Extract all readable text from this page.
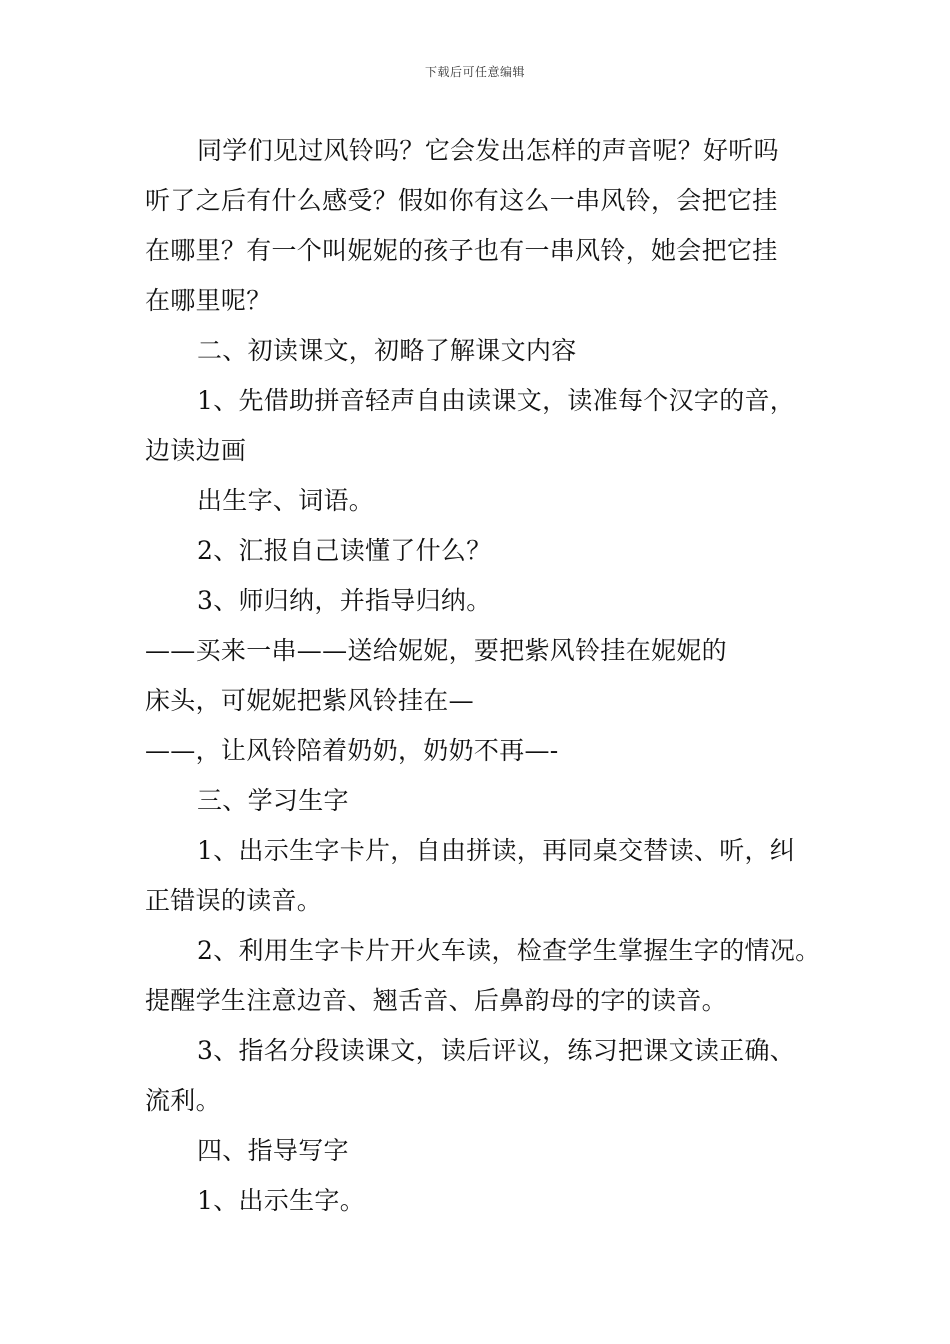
下载后可任意编辑
同学们见过风铃吗？它会发出怎样的声音呢？好听吗
听了之后有什么感受？假如你有这么一串风铃，会把它挂
在哪里？有一个叫妮妮的孩子也有一串风铃，她会把它挂
在哪里呢？
二、初读课文，初略了解课文内容
1、先借助拼音轻声自由读课文，读准每个汉字的音，
边读边画
出生字、词语。
2、汇报自己读懂了什么？
3、师归纳，并指导归纳。
——买来一串——送给妮妮，要把紫风铃挂在妮妮的
床头，可妮妮把紫风铃挂在—
——，让风铃陪着奶奶，奶奶不再—-
三、学习生字
1、出示生字卡片，自由拼读，再同桌交替读、听，纠
正错误的读音。
2、利用生字卡片开火车读，检查学生掌握生字的情况。
提醒学生注意边音、翘舌音、后鼻韵母的字的读音。
3、指名分段读课文，读后评议，练习把课文读正确、
流利。
四、指导写字
1、出示生字。
